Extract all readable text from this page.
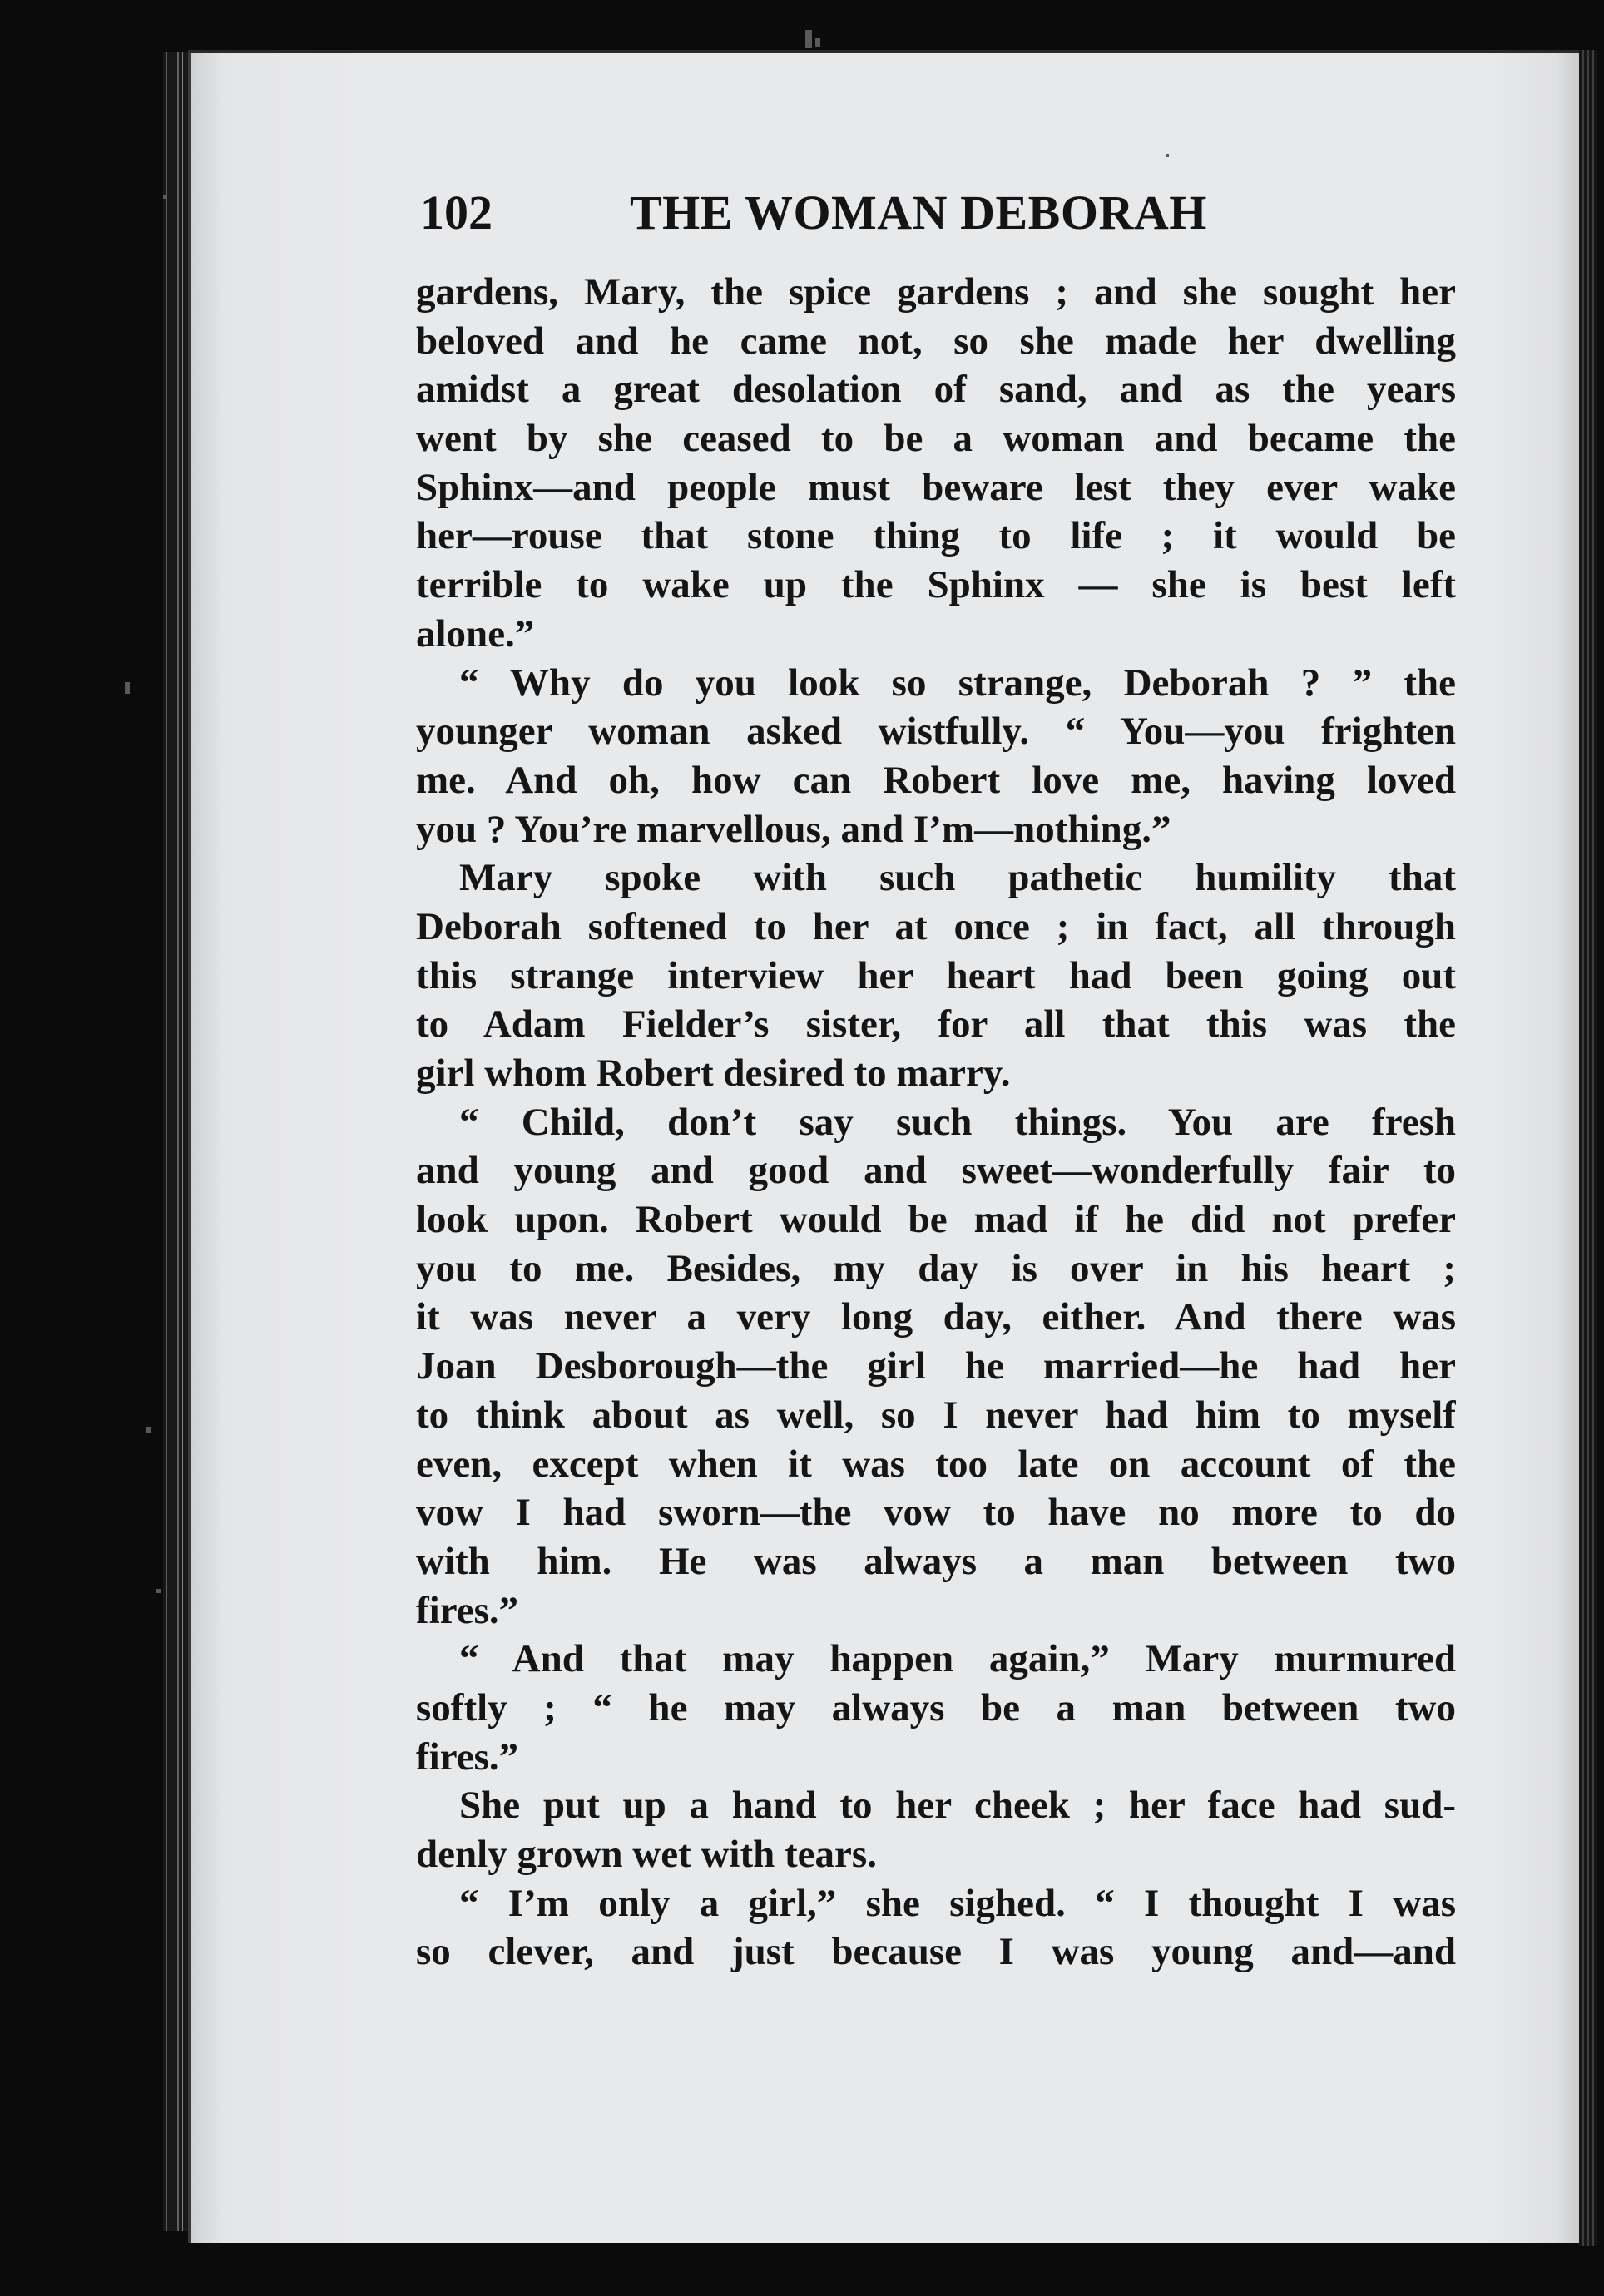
102	THE WOMAN DEBORAH
gardens, Mary, the spice gardens ; and she sought her
beloved and he came not, so she made her dwelling
amidst a great desolation of sand, and as the years
went by she ceased to be a woman and became the
Sphinx—and people must beware lest they ever wake
her—rouse that stone thing to life ; it would be
terrible to wake up the Sphinx — she is best left
alone.”
“ Why do you look so strange, Deborah ? ” the
younger woman asked wistfully. “ You—you frighten
me. And oh, how can Robert love me, having loved
you ? You’re marvellous, and I’m—nothing.”
Mary spoke with such pathetic humility that
Deborah softened to her at once ; in fact, all through
this strange interview her heart had been going out
to Adam Fielder’s sister, for all that this was the
girl whom Robert desired to marry.
“ Child, don’t say such things. You are fresh
and young and good and sweet—wonderfully fair to
look upon. Robert would be mad if he did not prefer
you to me. Besides, my day is over in his heart ;
it was never a very long day, either. And there was
Joan Desborough—the girl he married—he had her
to think about as well, so I never had him to myself
even, except when it was too late on account of the
vow I had sworn—the vow to have no more to do
with him. He was always a man between two
fires.”
“ And that may happen again,” Mary murmured
softly ; “ he may always be a man between two
fires.”
She put up a hand to her cheek ; her face had sud-
denly grown wet with tears.
“ I’m only a girl,” she sighed. “ I thought I was
so clever, and just because I was young and—and
